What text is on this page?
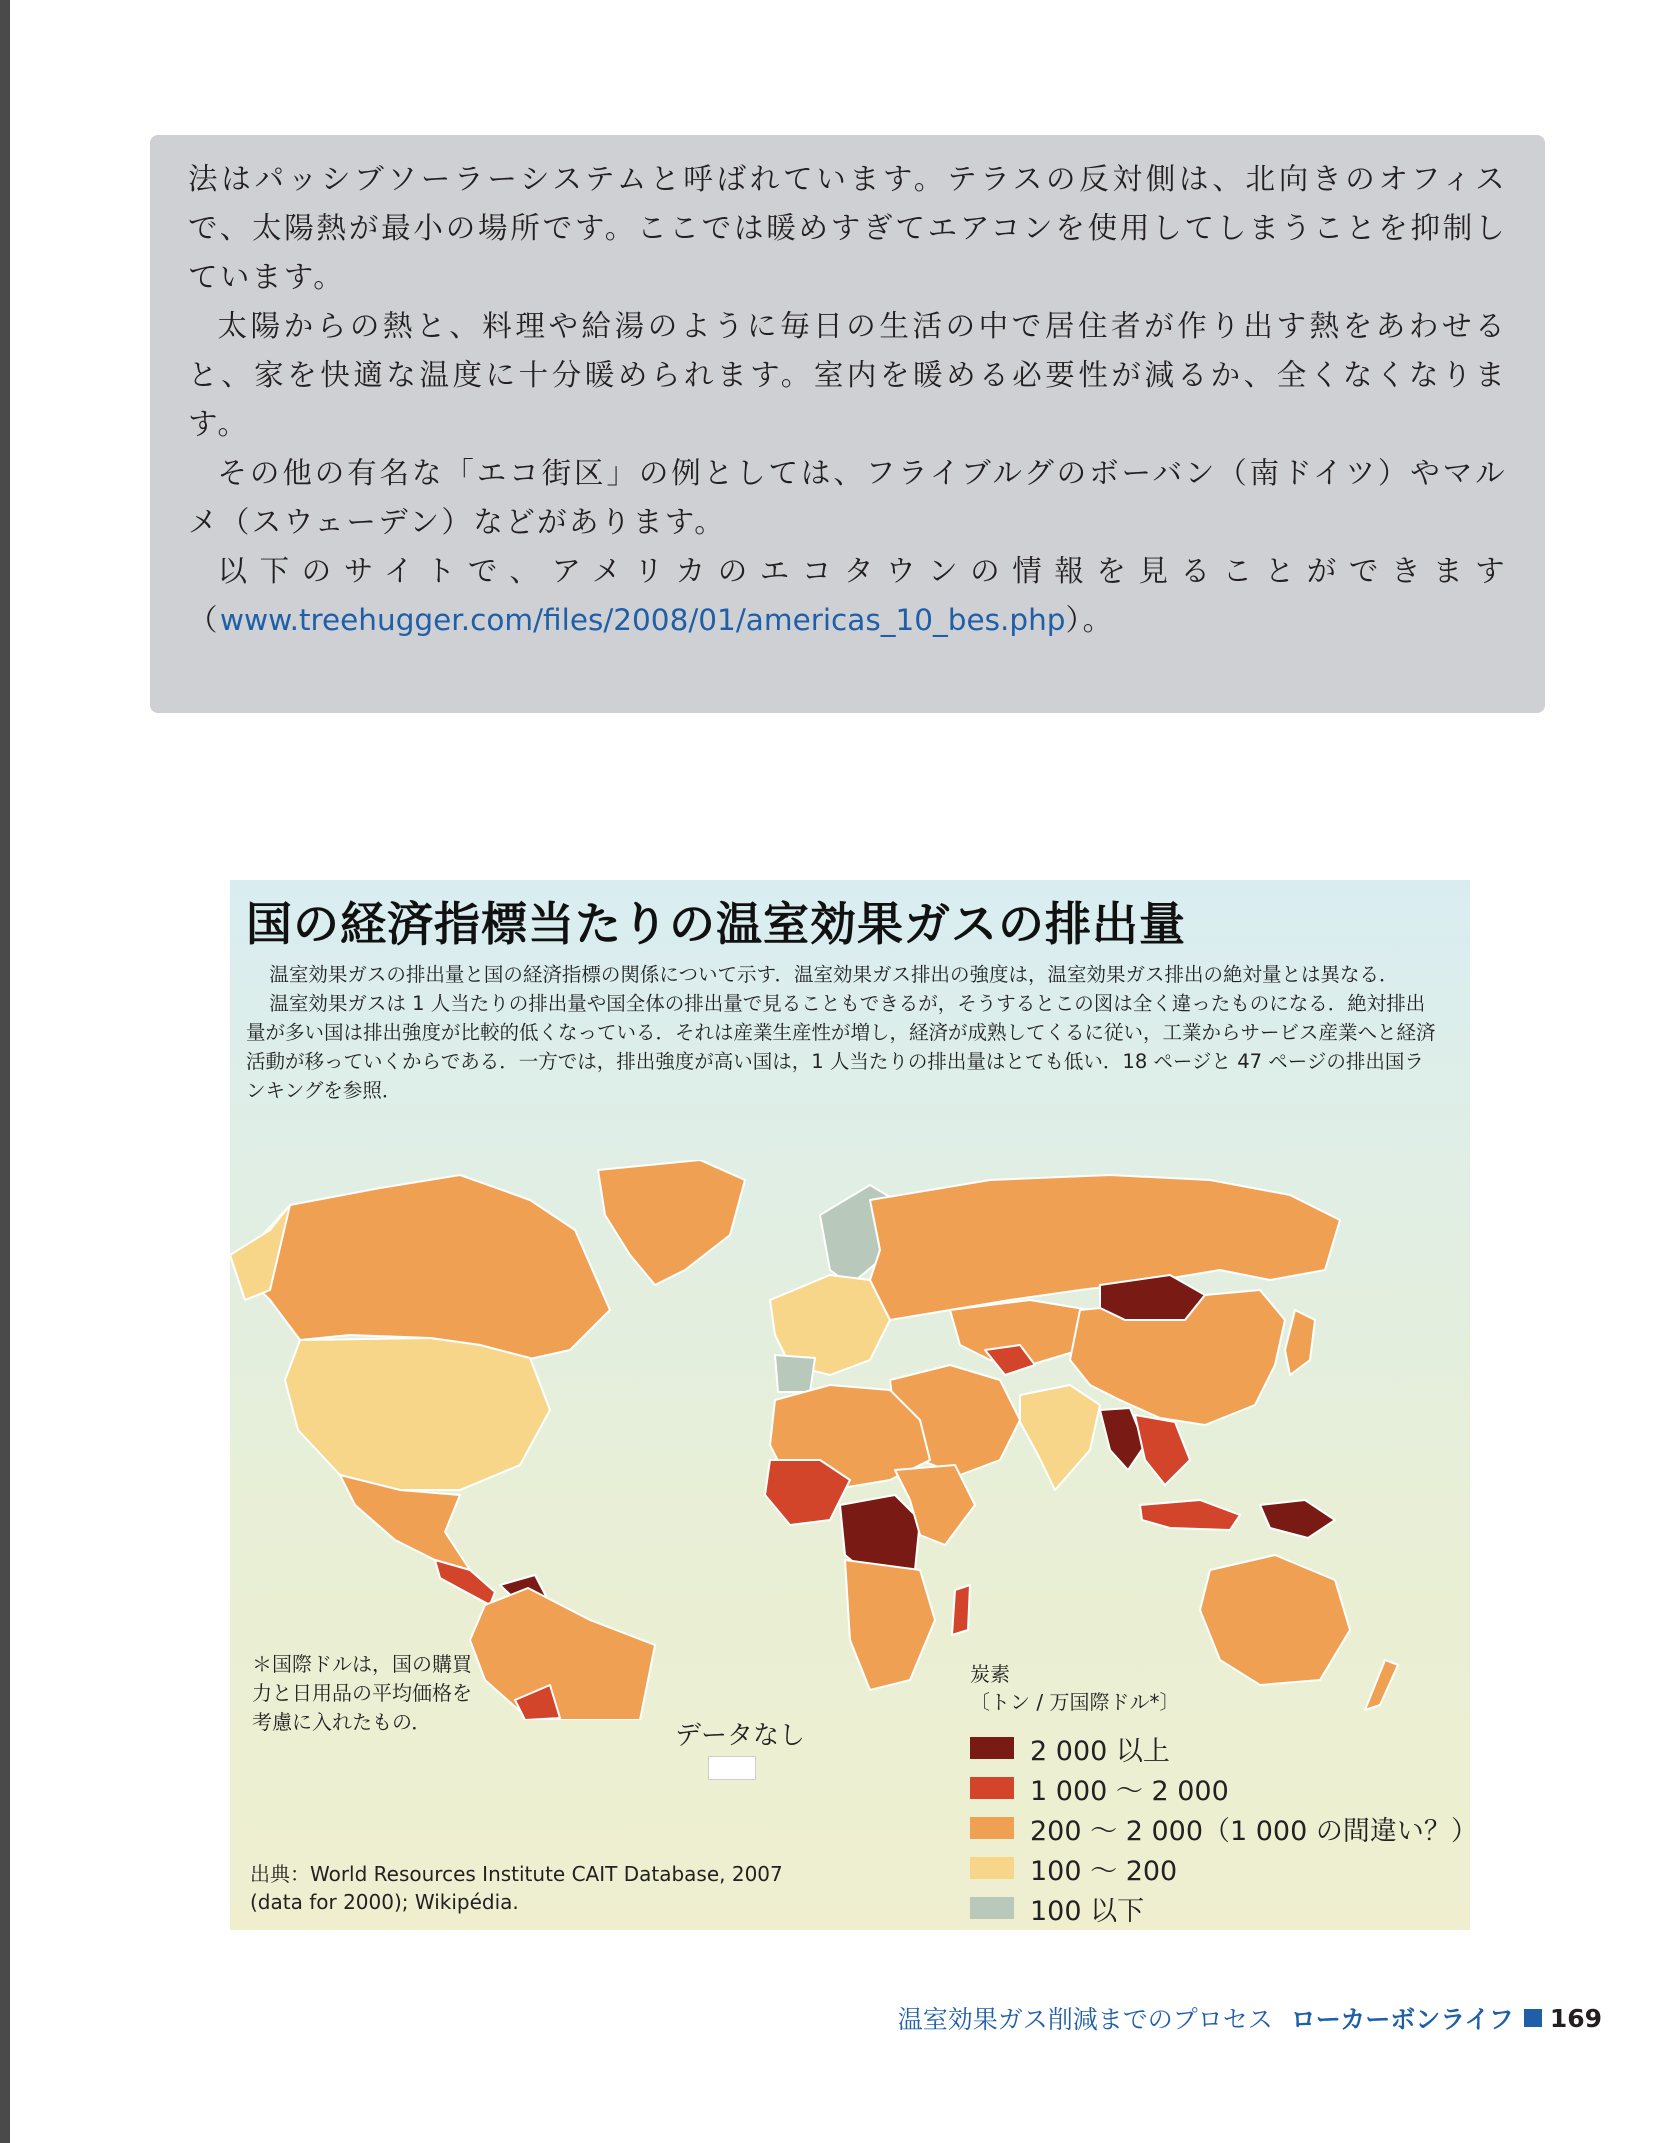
法はパッシブソーラーシステムと呼ばれています。テラスの反対側は、北向きのオフィスで、太陽熱が最小の場所です。ここでは暖めすぎてエアコンを使用してしまうことを抑制しています。

太陽からの熱と、料理や給湯のように毎日の生活の中で居住者が作り出す熱をあわせると、家を快適な温度に十分暖められます。室内を暖める必要性が減るか、全くなくなります。

その他の有名な「エコ街区」の例としては、フライブルグのボーバン（南ドイツ）やマルメ（スウェーデン）などがあります。

以下のサイトで、アメリカのエコタウンの情報を見ることができます（www.treehugger.com/files/2008/01/americas_10_bes.php）。

国の経済指標当たりの温室効果ガスの排出量

温室効果ガスの排出量と国の経済指標の関係について示す．温室効果ガス排出の強度は，温室効果ガス排出の絶対量とは異なる．

温室効果ガスは 1 人当たりの排出量や国全体の排出量で見ることもできるが，そうするとこの図は全く違ったものになる．絶対排出量が多い国は排出強度が比較的低くなっている．それは産業生産性が増し，経済が成熟してくるに従い，工業からサービス産業へと経済活動が移っていくからである．一方では，排出強度が高い国は，1 人当たりの排出量はとても低い．18 ページと 47 ページの排出国ランキングを参照．

＊国際ドルは，国の購買力と日用品の平均価格を考慮に入れたもの．	データなし
出典：World Resources Institute CAIT Database, 2007 (data for 2000); Wikipédia.
炭素
〔トン / 万国際ドル*〕
2 000 以上
1 000 ～ 2 000
200 ～ 2 000（1 000 の間違い？）
100 ～ 200
100 以下
温室効果ガス削減までのプロセス ローカーボンライフ 169
